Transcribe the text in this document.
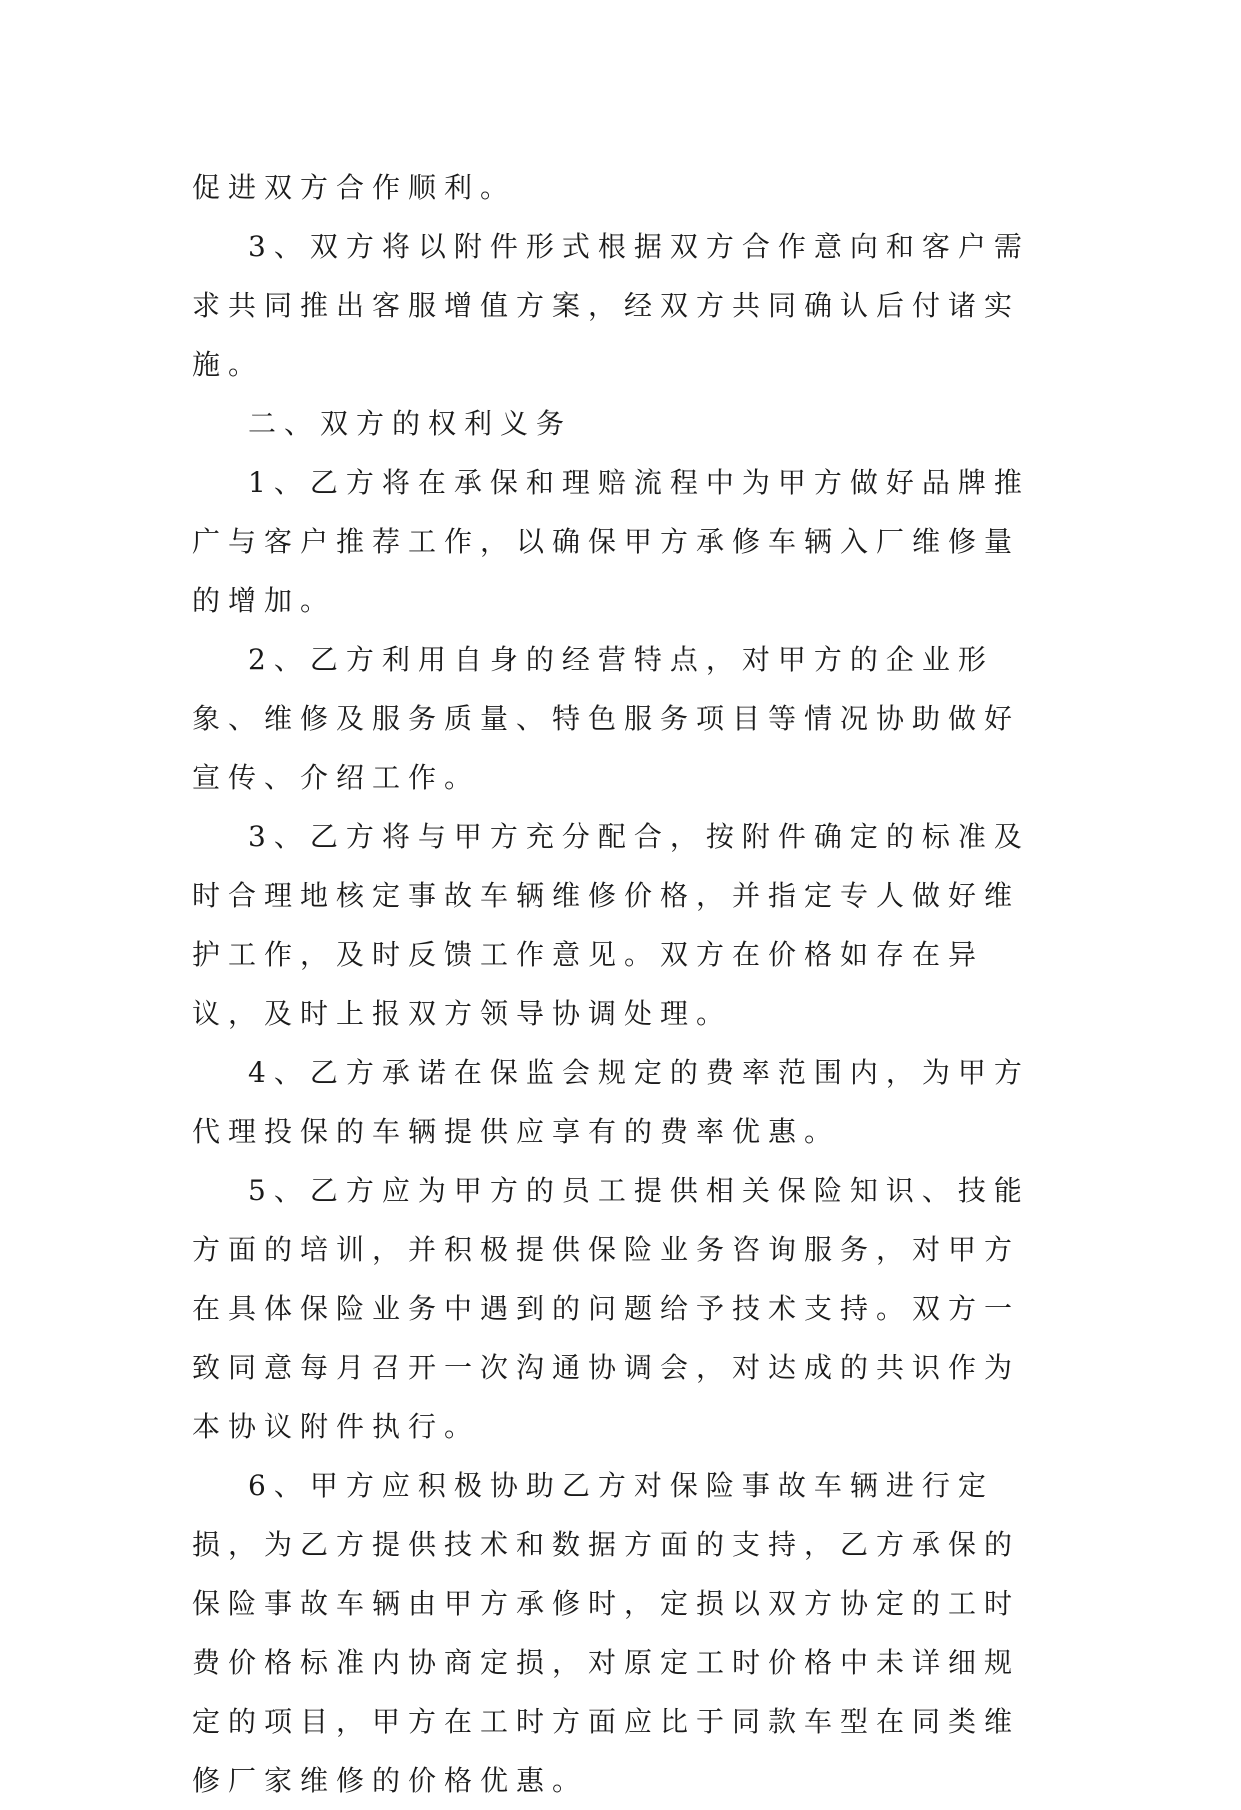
促进双方合作顺利。

3、双方将以附件形式根据双方合作意向和客户需求共同推出客服增值方案，经双方共同确认后付诸实施。

二、双方的权利义务

1、乙方将在承保和理赔流程中为甲方做好品牌推广与客户推荐工作，以确保甲方承修车辆入厂维修量的增加。

2、乙方利用自身的经营特点，对甲方的企业形象、维修及服务质量、特色服务项目等情况协助做好宣传、介绍工作。

3、乙方将与甲方充分配合，按附件确定的标准及时合理地核定事故车辆维修价格，并指定专人做好维护工作，及时反馈工作意见。双方在价格如存在异议，及时上报双方领导协调处理。

4、乙方承诺在保监会规定的费率范围内，为甲方代理投保的车辆提供应享有的费率优惠。

5、乙方应为甲方的员工提供相关保险知识、技能方面的培训，并积极提供保险业务咨询服务，对甲方在具体保险业务中遇到的问题给予技术支持。双方一致同意每月召开一次沟通协调会，对达成的共识作为本协议附件执行。

6、甲方应积极协助乙方对保险事故车辆进行定损，为乙方提供技术和数据方面的支持，乙方承保的保险事故车辆由甲方承修时，定损以双方协定的工时费价格标准内协商定损，对原定工时价格中未详细规定的项目，甲方在工时方面应比于同款车型在同类维修厂家维修的价格优惠。
